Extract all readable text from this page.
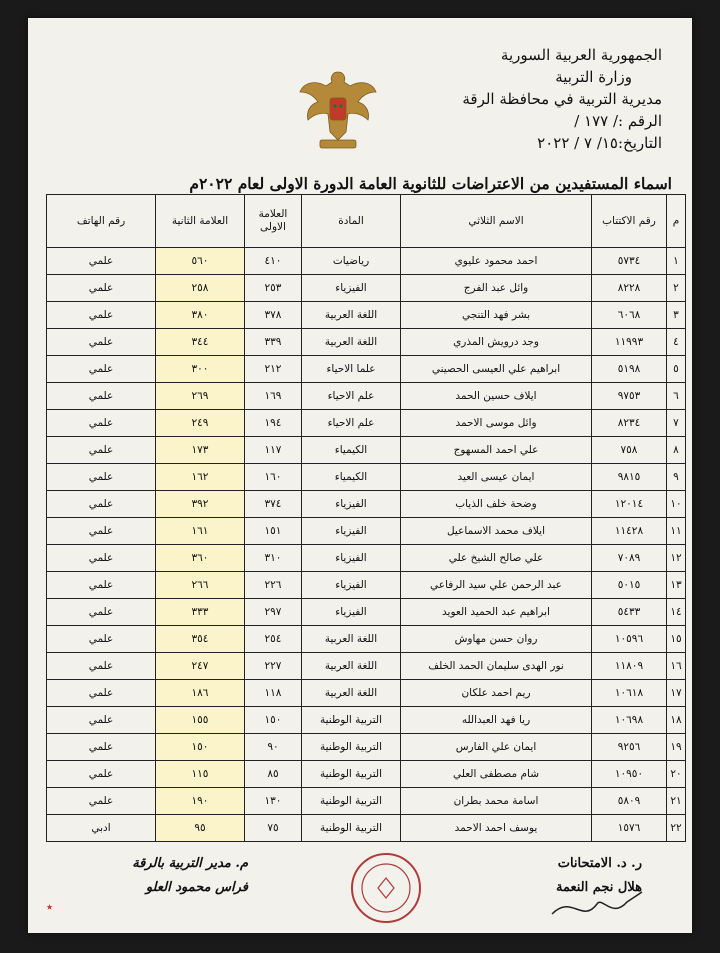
الجمهورية العربية السورية
وزارة التربية
مديرية التربية في محافظة الرقة
الرقم :/ ١٧٧ /
التاريخ:١٥/ ٧ / ٢٠٢٢
اسماء المستفيدين من الاعتراضات للثانوية العامة الدورة الاولى لعام ٢٠٢٢م
م	رقم الاكتتاب	الاسم الثلاثي	المادة	العلامة الاولى	العلامة الثانية	رقم الهاتف
١	٥٧٣٤	احمد محمود عليوي	رياضيات	٤١٠	٥٦٠	علمي
٢	٨٢٢٨	وائل عبد الفرج	الفيزياء	٢٥٣	٢٥٨	علمي
٣	٦٠٦٨	بشر فهد التنجي	اللغة العربية	٣٧٨	٣٨٠	علمي
٤	١١٩٩٣	وجد درويش المذري	اللغة العربية	٣٣٩	٣٤٤	علمي
٥	٥١٩٨	ابراهيم علي العيسى الحصيني	علما الاحياء	٢١٢	٣٠٠	علمي
٦	٩٧٥٣	ايلاف حسين الحمد	علم الاحياء	١٦٩	٢٦٩	علمي
٧	٨٢٣٤	وائل موسى الاحمد	علم الاحياء	١٩٤	٢٤٩	علمي
٨	٧٥٨	علي احمد المسهوج	الكيمياء	١١٧	١٧٣	علمي
٩	٩٨١٥	ايمان عيسى العيد	الكيمياء	١٦٠	١٦٢	علمي
١٠	١٢٠١٤	وضحة خلف الذياب	الفيزياء	٣٧٤	٣٩٢	علمي
١١	١١٤٢٨	ايلاف محمد الاسماعيل	الفيزياء	١٥١	١٦١	علمي
١٢	٧٠٨٩	علي صالح الشيخ علي	الفيزياء	٣١٠	٣٦٠	علمي
١٣	٥٠١٥	عبد الرحمن علي سيد الرفاعي	الفيزياء	٢٢٦	٢٦٦	علمي
١٤	٥٤٣٣	ابراهيم عبد الحميد العويد	الفيزياء	٢٩٧	٣٣٣	علمي
١٥	١٠٥٩٦	روان حسن مهاوش	اللغة العربية	٢٥٤	٣٥٤	علمي
١٦	١١٨٠٩	نور الهدى سليمان الحمد الخلف	اللغة العربية	٢٢٧	٢٤٧	علمي
١٧	١٠٦١٨	ريم احمد علكان	اللغة العربية	١١٨	١٨٦	علمي
١٨	١٠٦٩٨	ريا فهد العبدالله	التربية الوطنية	١٥٠	١٥٥	علمي
١٩	٩٢٥٦	ايمان علي الفارس	التربية الوطنية	٩٠	١٥٠	علمي
٢٠	١٠٩٥٠	شام مصطفى العلي	التربية الوطنية	٨٥	١١٥	علمي
٢١	٥٨٠٩	اسامة محمد بطران	التربية الوطنية	١٣٠	١٩٠	علمي
٢٢	١٥٧٦	يوسف احمد الاحمد	التربية الوطنية	٧٥	٩٥	ادبي
ر. د. الامتحانات
هلال نجم النعمة
م. مدير التربية بالرقة
فراس محمود العلو
٭
